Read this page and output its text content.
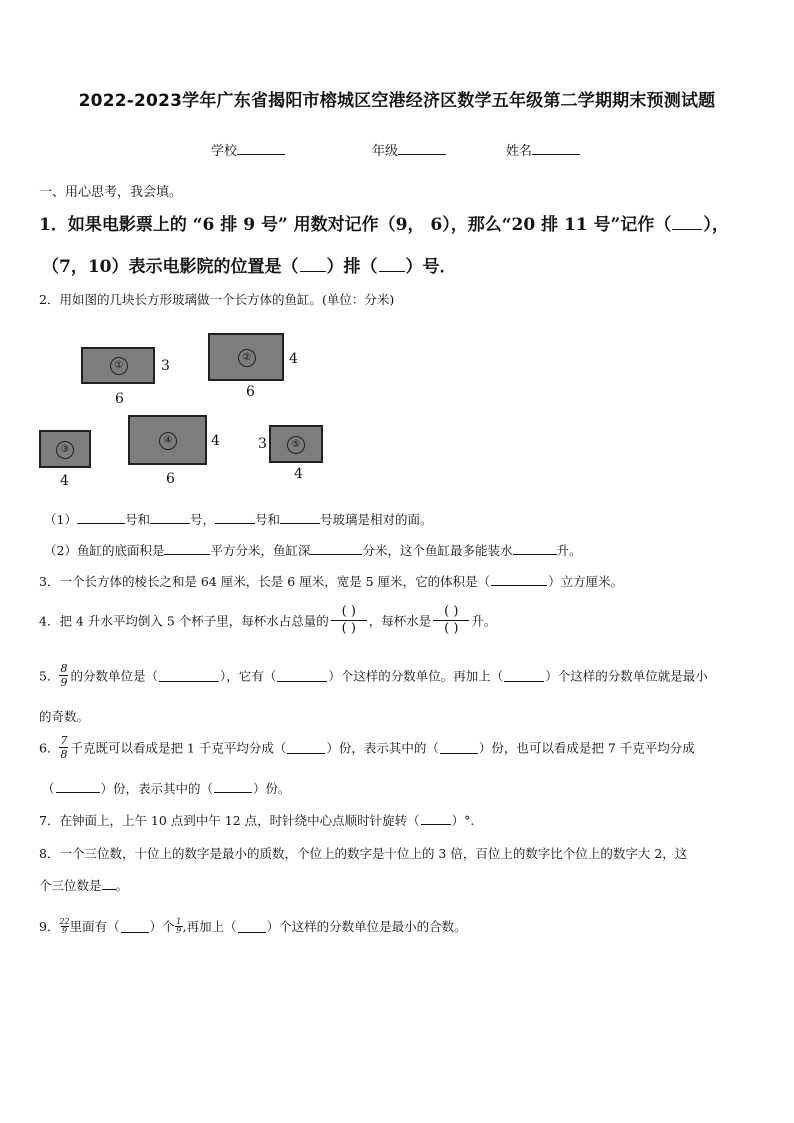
2022-2023学年广东省揭阳市榕城区空港经济区数学五年级第二学期期末预测试题
学校	年级	姓名
一、用心思考，我会填。
1．如果电影票上的 “6 排 9 号” 用数对记作（9， 6），那么“20 排 11 号”记作（ ），
（7，10）表示电影院的位置是（ ）排（ ）号．
2．用如图的几块长方形玻璃做一个长方体的鱼缸。(单位：分米)
①	3
6
②	4
6
③
4
④	4
6
3	⑤
4
（1）	号和	号，	号和	号玻璃是相对的面。
（2）鱼缸的底面积是	平方分米，鱼缸深	分米，这个鱼缸最多能装水	升。
3．一个长方体的棱长之和是 64 厘米，长是 6 厘米，宽是 5 厘米，它的体积是（	）立方厘米。
4．把 4 升水平均倒入 5 个杯子里，每杯水占总量的 $\frac{( )}{( )}$ ，每杯水是 $\frac{( )}{( )}$ 升。
5． $\frac{8}{9}$ 的分数单位是（	），它有（	）个这样的分数单位。再加上（	）个这样的分数单位就是最小
的奇数。
6． $\frac{7}{8}$ 千克既可以看成是把 1 千克平均分成（	）份，表示其中的（	）份，也可以看成是把 7 千克平均分成
（	）份，表示其中的（	）份。
7．在钟面上，上午 10 点到中午 12 点，时针绕中心点顺时针旋转（	）°.
8．一个三位数，十位上的数字是最小的质数，个位上的数字是十位上的 3 倍，百位上的数字比个位上的数字大 2，这
个三位数是 。
9． $\frac{22}{9}$ 里面有（ ）个 $\frac{1}{9}$ ,再加上（ ）个这样的分数单位是最小的合数。
